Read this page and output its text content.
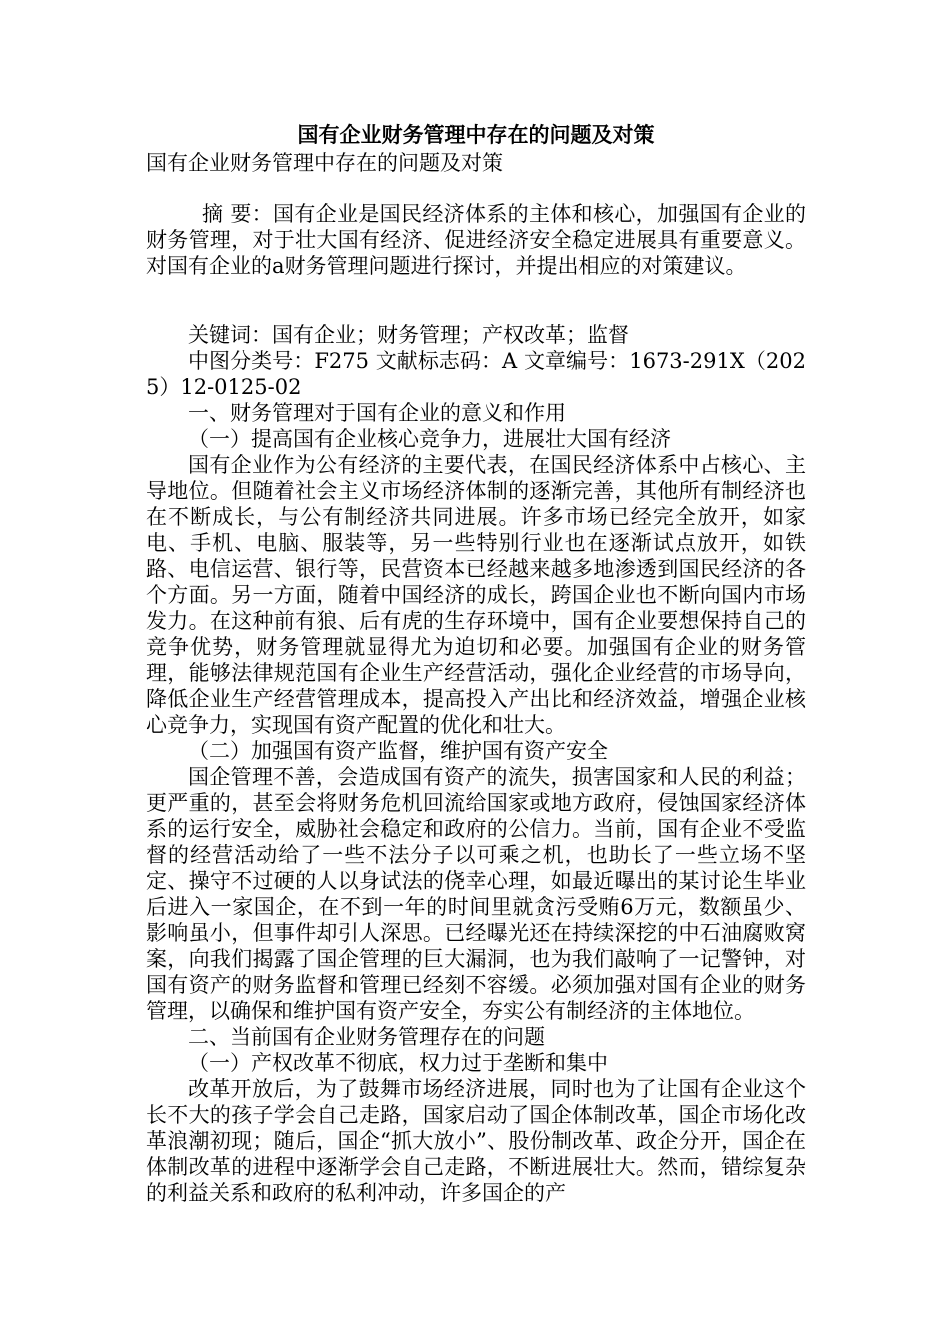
国有企业财务管理中存在的问题及对策

国有企业财务管理中存在的问题及对策

摘 要：国有企业是国民经济体系的主体和核心，加强国有企业的财务管理，对于壮大国有经济、促进经济安全稳定进展具有重要意义。对国有企业的a财务管理问题进行探讨，并提出相应的对策建议。

关键词：国有企业；财务管理；产权改革；监督

中图分类号：F275 文献标志码：A 文章编号：1673-291X（2025）12-0125-02

一、财务管理对于国有企业的意义和作用

（一）提高国有企业核心竞争力，进展壮大国有经济

国有企业作为公有经济的主要代表，在国民经济体系中占核心、主导地位。但随着社会主义市场经济体制的逐渐完善，其他所有制经济也在不断成长，与公有制经济共同进展。许多市场已经完全放开，如家电、手机、电脑、服装等，另一些特别行业也在逐渐试点放开，如铁路、电信运营、银行等，民营资本已经越来越多地渗透到国民经济的各个方面。另一方面，随着中国经济的成长，跨国企业也不断向国内市场发力。在这种前有狼、后有虎的生存环境中，国有企业要想保持自己的竞争优势，财务管理就显得尤为迫切和必要。加强国有企业的财务管理，能够法律规范国有企业生产经营活动，强化企业经营的市场导向，降低企业生产经营管理成本，提高投入产出比和经济效益，增强企业核心竞争力，实现国有资产配置的优化和壮大。

（二）加强国有资产监督，维护国有资产安全

国企管理不善，会造成国有资产的流失，损害国家和人民的利益；更严重的，甚至会将财务危机回流给国家或地方政府，侵蚀国家经济体系的运行安全，威胁社会稳定和政府的公信力。当前，国有企业不受监督的经营活动给了一些不法分子以可乘之机，也助长了一些立场不坚定、操守不过硬的人以身试法的侥幸心理，如最近曝出的某讨论生毕业后进入一家国企，在不到一年的时间里就贪污受贿6万元，数额虽少、影响虽小，但事件却引人深思。已经曝光还在持续深挖的中石油腐败窝案，向我们揭露了国企管理的巨大漏洞，也为我们敲响了一记警钟，对国有资产的财务监督和管理已经刻不容缓。必须加强对国有企业的财务管理，以确保和维护国有资产安全，夯实公有制经济的主体地位。

二、当前国有企业财务管理存在的问题

（一）产权改革不彻底，权力过于垄断和集中

改革开放后，为了鼓舞市场经济进展，同时也为了让国有企业这个长不大的孩子学会自己走路，国家启动了国企体制改革，国企市场化改革浪潮初现；随后，国企“抓大放小”、股份制改革、政企分开，国企在体制改革的进程中逐渐学会自己走路，不断进展壮大。然而，错综复杂的利益关系和政府的私利冲动，许多国企的产
